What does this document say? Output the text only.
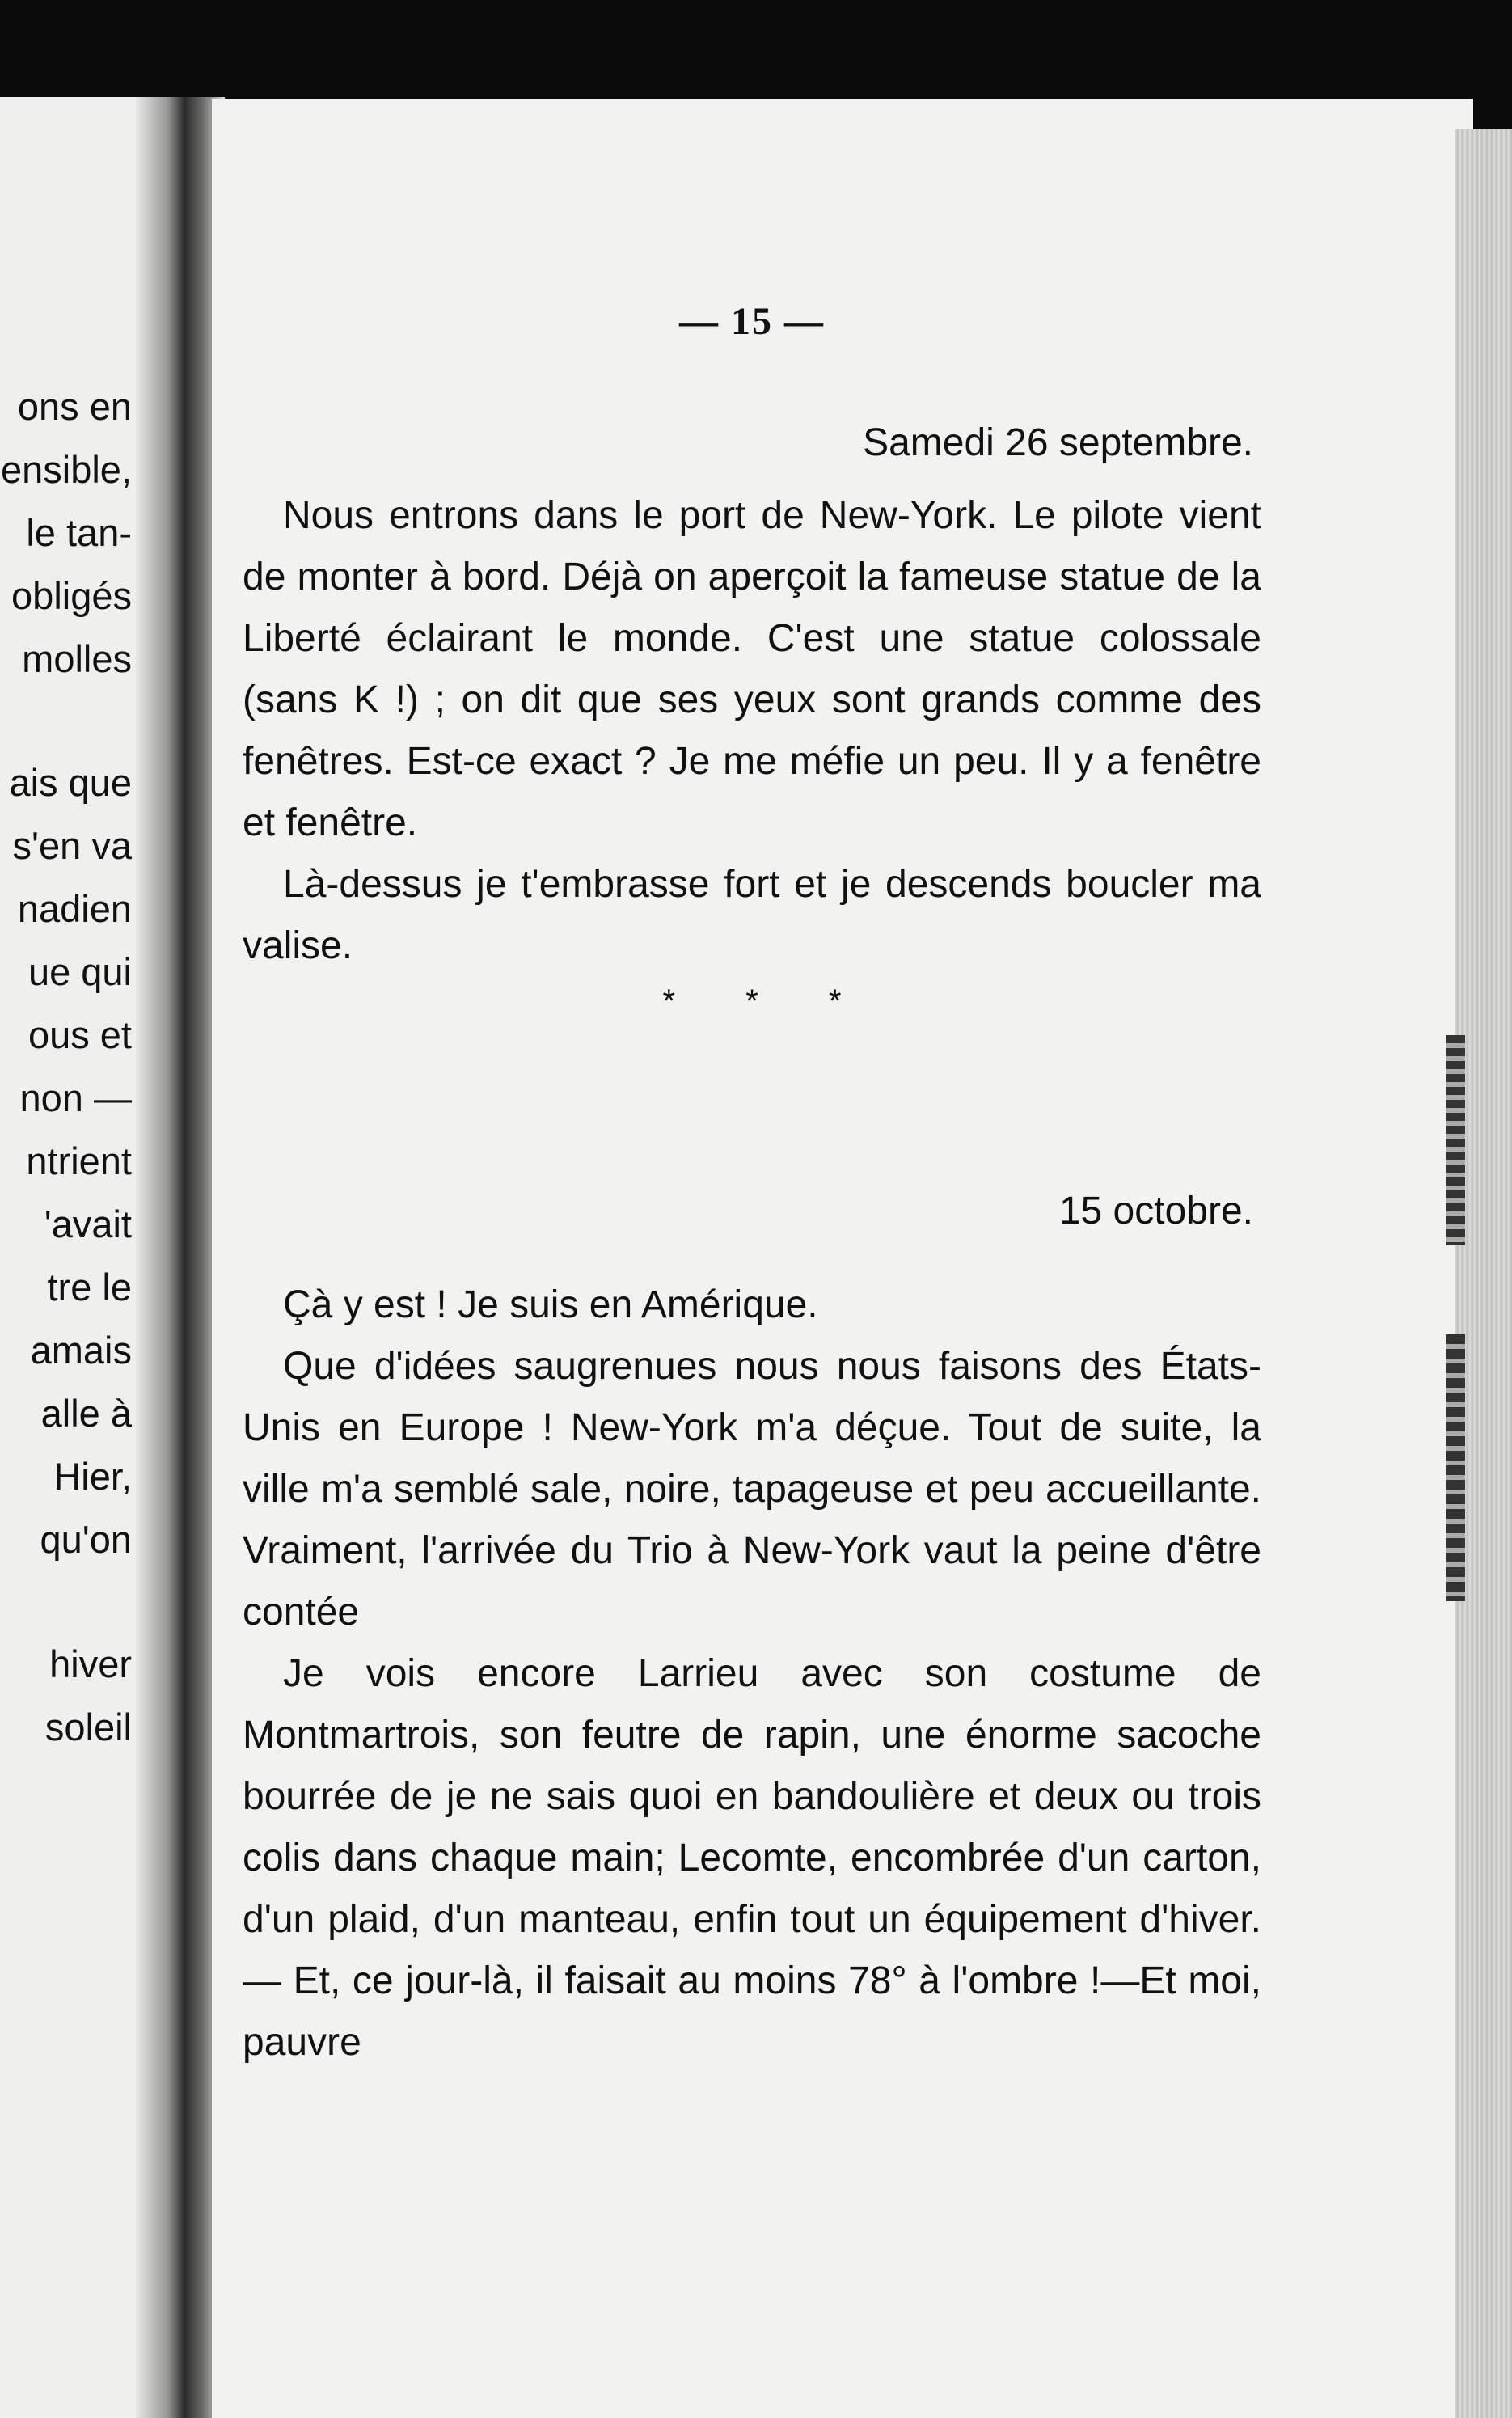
ons en
ensible,
le tan-
obligés
molles
ais que
s'en va
nadien
ue qui
ous et
non —
ntrient
'avait
tre le
amais
alle à
Hier,
qu'on
hiver
soleil
— 15 —
Samedi 26 septembre.

Nous entrons dans le port de New-York. Le pilote vient de monter à bord. Déjà on aperçoit la fameuse statue de la Liberté éclairant le monde. C'est une statue colossale (sans K !) ; on dit que ses yeux sont grands comme des fenêtres. Est-ce exact ? Je me méfie un peu. Il y a fenêtre et fenêtre.

Là-dessus je t'embrasse fort et je descends boucler ma valise.

* * *
15 octobre.

Çà y est ! Je suis en Amérique.

Que d'idées saugrenues nous nous faisons des États-Unis en Europe ! New-York m'a déçue. Tout de suite, la ville m'a semblé sale, noire, tapageuse et peu accueillante. Vraiment, l'arrivée du Trio à New-York vaut la peine d'être contée

Je vois encore Larrieu avec son costume de Montmartrois, son feutre de rapin, une énorme sacoche bourrée de je ne sais quoi en bandoulière et deux ou trois colis dans chaque main; Lecomte, encombrée d'un carton, d'un plaid, d'un manteau, enfin tout un équipement d'hiver. — Et, ce jour-là, il faisait au moins 78° à l'ombre !—Et moi, pauvre
